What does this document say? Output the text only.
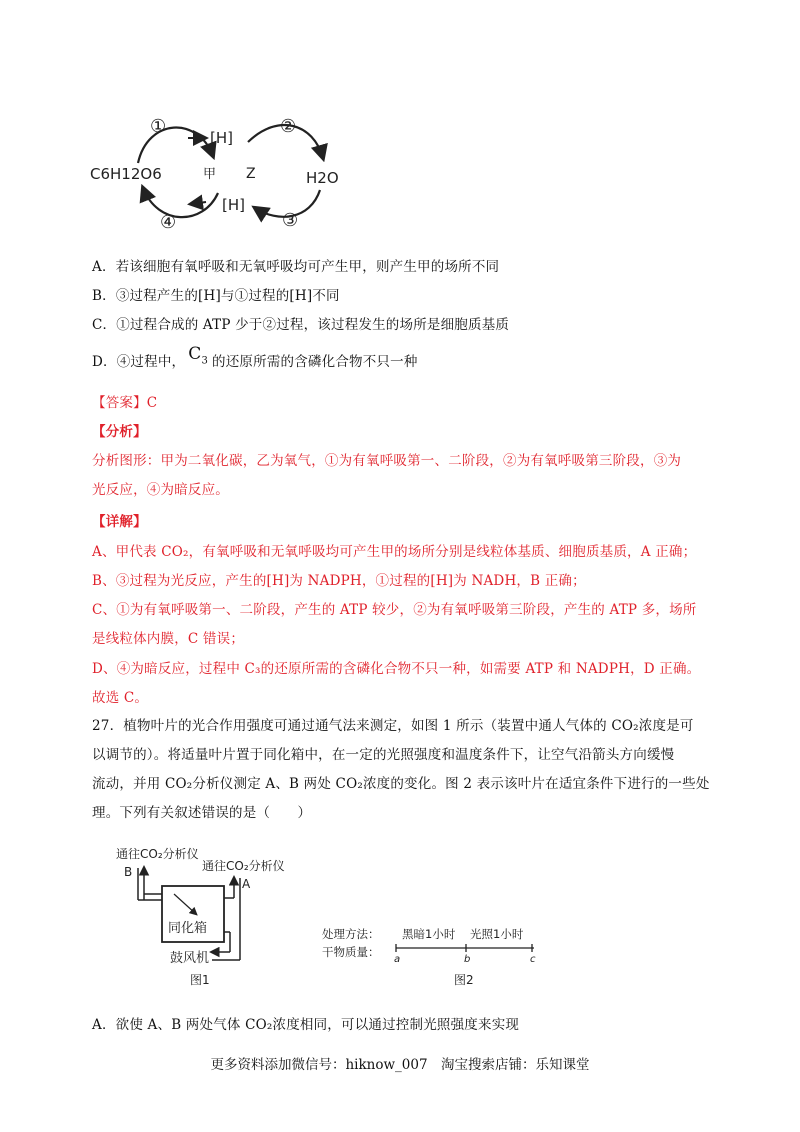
①
[H]
②
C6H12O6	甲 Z	H2O
④
[H]
③
A．若该细胞有氧呼吸和无氧呼吸均可产生甲，则产生甲的场所不同
B．③过程产生的[H]与①过程的[H]不同
C．①过程合成的 ATP 少于②过程，该过程发生的场所是细胞质基质
D．④过程中， $C_3$ 的还原所需的含磷化合物不只一种
【答案】C
【分析】
分析图形：甲为二氧化碳，乙为氧气，①为有氧呼吸第一、二阶段，②为有氧呼吸第三阶段，③为
光反应，④为暗反应。
【详解】
A、甲代表 CO₂，有氧呼吸和无氧呼吸均可产生甲的场所分别是线粒体基质、细胞质基质，A 正确；
B、③过程为光反应，产生的[H]为 NADPH，①过程的[H]为 NADH，B 正确；
C、①为有氧呼吸第一、二阶段，产生的 ATP 较少，②为有氧呼吸第三阶段，产生的 ATP 多，场所
是线粒体内膜，C 错误；
D、④为暗反应，过程中 C₃的还原所需的含磷化合物不只一种，如需要 ATP 和 NADPH，D 正确。
故选 C。
27．植物叶片的光合作用强度可通过通气法来测定，如图 1 所示（装置中通人气体的 CO₂浓度是可
以调节的）。将适量叶片置于同化箱中，在一定的光照强度和温度条件下，让空气沿箭头方向缓慢
流动，并用 CO₂分析仪测定 A、B 两处 CO₂浓度的变化。图 2 表示该叶片在适宜条件下进行的一些处
理。下列有关叙述错误的是（　　）
通往CO₂分析仪
B	通往CO₂分析仪
A
同化箱
鼓风机
图1
处理方法： 黑暗1小时 光照1小时
干物质量：
a	b	c
图2
A．欲使 A、B 两处气体 CO₂浓度相同，可以通过控制光照强度来实现
更多资料添加微信号：hiknow_007　淘宝搜索店铺：乐知课堂
